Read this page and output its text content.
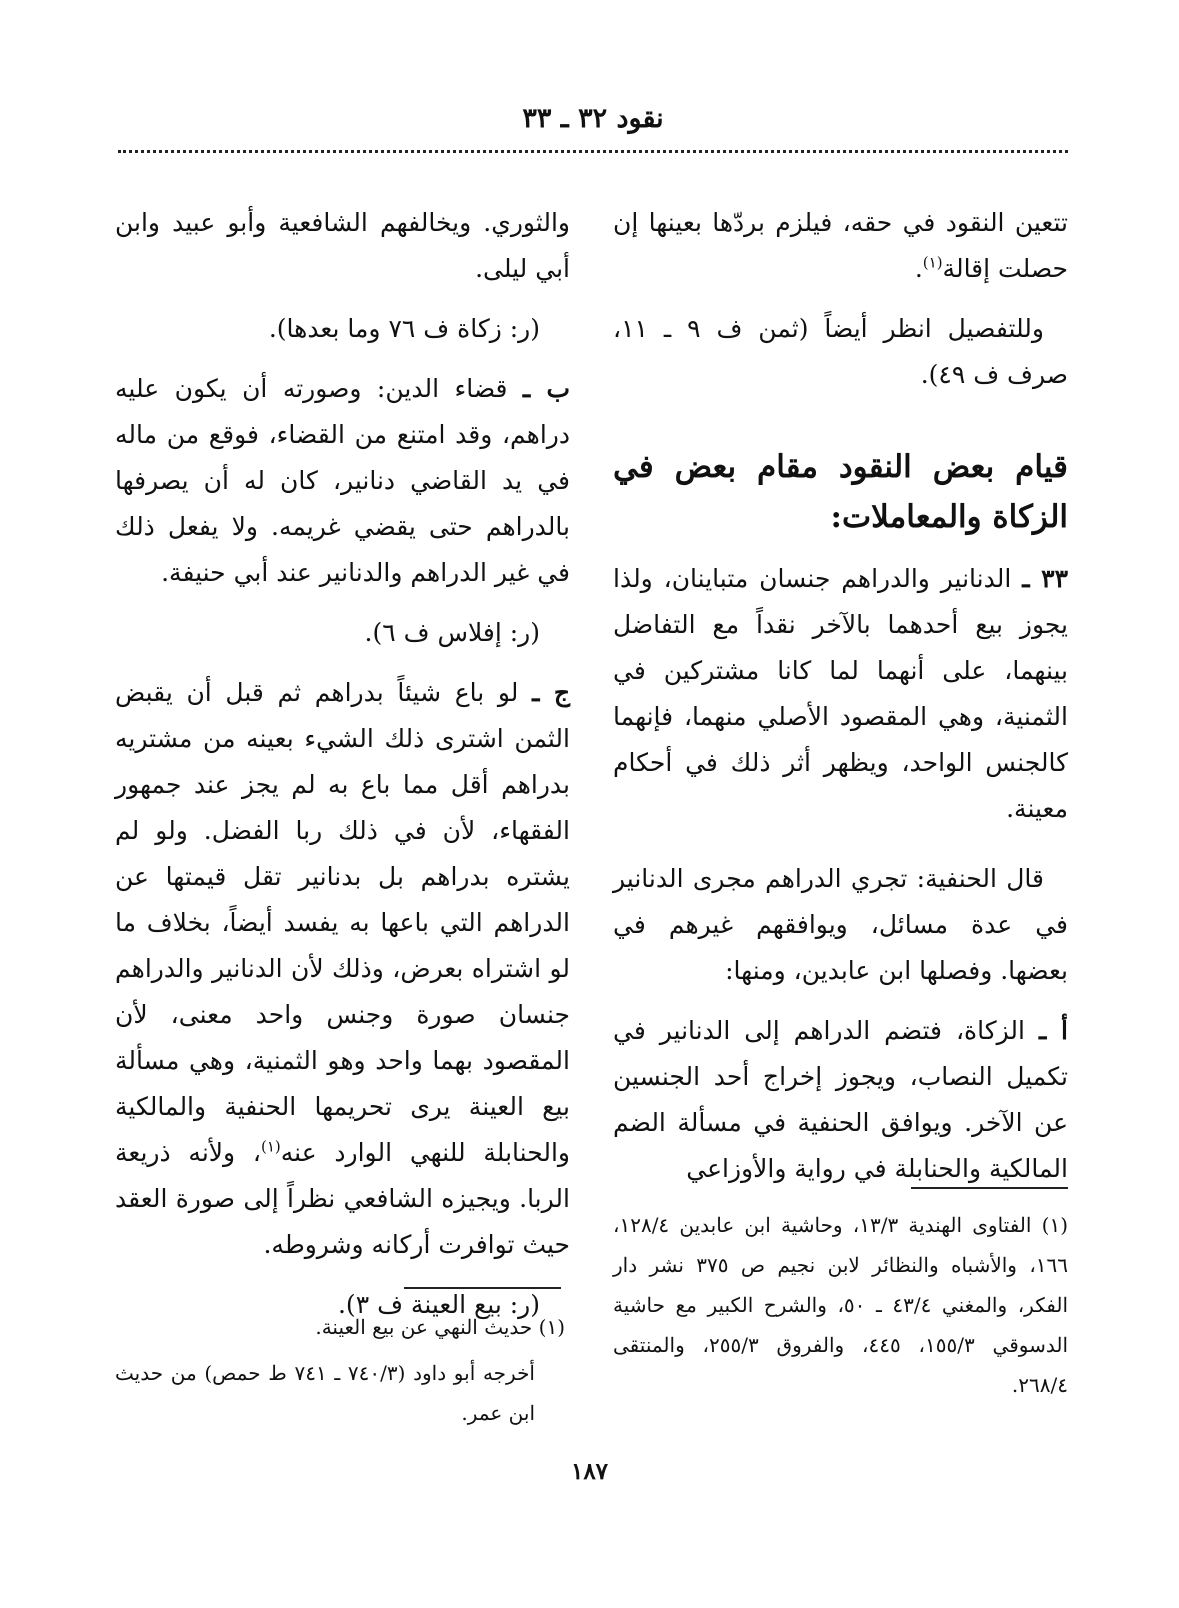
نقود ٣٢ ـ ٣٣

تتعين النقود في حقه، فيلزم بردّها بعينها إن حصلت إقالة$^{(١)}$.

وللتفصيل انظر أيضاً (ثمن ف ٩ ـ ١١، صرف ف ٤٩).

قيام بعض النقود مقام بعض في الزكاة والمعاملات:

٣٣ ـ الدنانير والدراهم جنسان متباينان، ولذا يجوز بيع أحدهما بالآخر نقداً مع التفاضل بينهما، على أنهما لما كانا مشتركين في الثمنية، وهي المقصود الأصلي منهما، فإنهما كالجنس الواحد، ويظهر أثر ذلك في أحكام معينة.

قال الحنفية: تجري الدراهم مجرى الدنانير في عدة مسائل، ويوافقهم غيرهم في بعضها. وفصلها ابن عابدين، ومنها:

أ ـ الزكاة، فتضم الدراهم إلى الدنانير في تكميل النصاب، ويجوز إخراج أحد الجنسين عن الآخر. ويوافق الحنفية في مسألة الضم المالكية والحنابلة في رواية والأوزاعي

والثوري. ويخالفهم الشافعية وأبو عبيد وابن أبي ليلى.

(ر: زكاة ف ٧٦ وما بعدها).

ب ـ قضاء الدين: وصورته أن يكون عليه دراهم، وقد امتنع من القضاء، فوقع من ماله في يد القاضي دنانير، كان له أن يصرفها بالدراهم حتى يقضي غريمه. ولا يفعل ذلك في غير الدراهم والدنانير عند أبي حنيفة.

(ر: إفلاس ف ٦).

ج ـ لو باع شيئاً بدراهم ثم قبل أن يقبض الثمن اشترى ذلك الشيء بعينه من مشتريه بدراهم أقل مما باع به لم يجز عند جمهور الفقهاء، لأن في ذلك ربا الفضل. ولو لم يشتره بدراهم بل بدنانير تقل قيمتها عن الدراهم التي باعها به يفسد أيضاً، بخلاف ما لو اشتراه بعرض، وذلك لأن الدنانير والدراهم جنسان صورة وجنس واحد معنى، لأن المقصود بهما واحد وهو الثمنية، وهي مسألة بيع العينة يرى تحريمها الحنفية والمالكية والحنابلة للنهي الوارد عنه$^{(١)}$، ولأنه ذريعة الربا. ويجيزه الشافعي نظراً إلى صورة العقد حيث توافرت أركانه وشروطه.

(ر: بيع العينة ف ٣).

(١) الفتاوى الهندية ١٣/٣، وحاشية ابن عابدين ١٢٨/٤، ١٦٦، والأشباه والنظائر لابن نجيم ص ٣٧٥ نشر دار الفكر، والمغني ٤٣/٤ ـ ٥٠، والشرح الكبير مع حاشية الدسوقي ١٥٥/٣، ٤٤٥، والفروق ٢٥٥/٣، والمنتقى ٢٦٨/٤.

(١) حديث النهي عن بيع العينة.

أخرجه أبو داود (٧٤٠/٣ ـ ٧٤١ ط حمص) من حديث ابن عمر.

١٨٧
